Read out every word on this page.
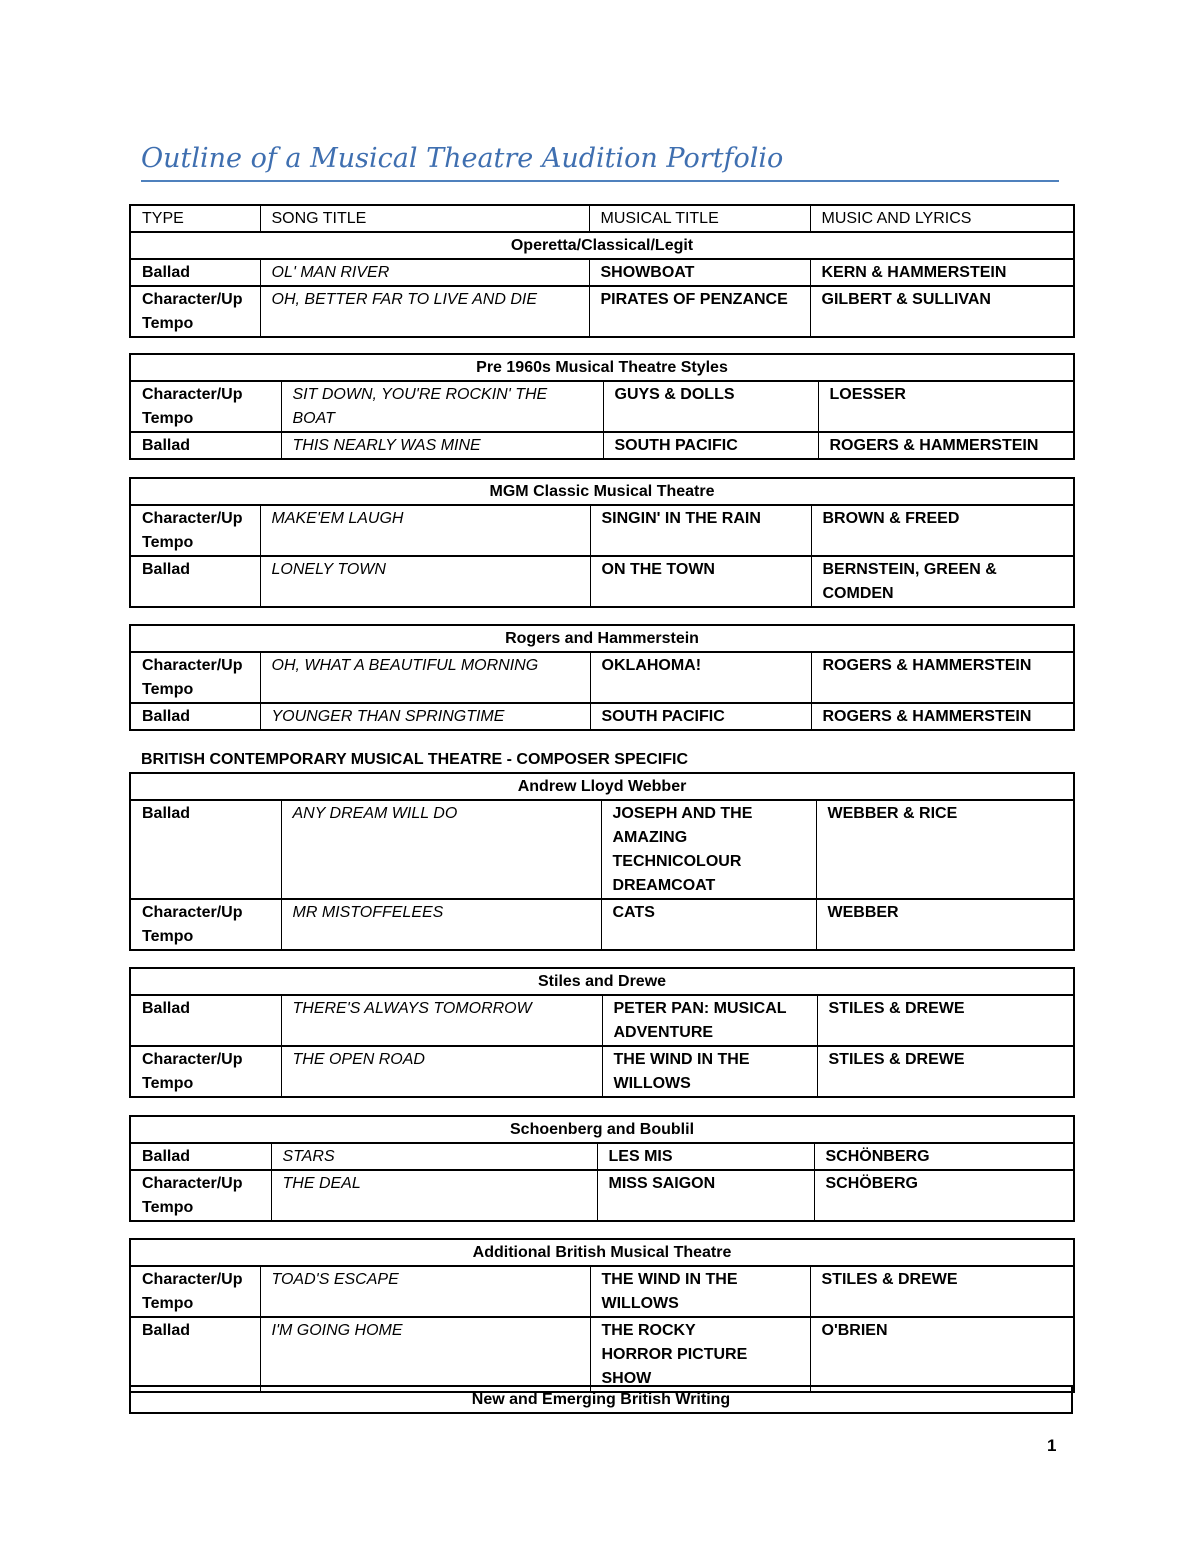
Outline of a Musical Theatre Audition Portfolio
TYPE	SONG TITLE	MUSICAL TITLE	MUSIC AND LYRICS
Operetta/Classical/Legit			
Ballad	OL' MAN RIVER	SHOWBOAT	KERN & HAMMERSTEIN
Character/Up Tempo	OH, BETTER FAR TO LIVE AND DIE	PIRATES OF PENZANCE	GILBERT & SULLIVAN
Pre 1960s Musical Theatre Styles			
Character/Up Tempo	SIT DOWN, YOU'RE ROCKIN' THE BOAT	GUYS & DOLLS	LOESSER
Ballad	THIS NEARLY WAS MINE	SOUTH PACIFIC	ROGERS & HAMMERSTEIN
MGM Classic Musical Theatre			
Character/Up Tempo	MAKE'EM LAUGH	SINGIN' IN THE RAIN	BROWN & FREED
Ballad	LONELY TOWN	ON THE TOWN	BERNSTEIN, GREEN & COMDEN
Rogers and Hammerstein			
Character/Up Tempo	OH, WHAT A BEAUTIFUL MORNING	OKLAHOMA!	ROGERS & HAMMERSTEIN
Ballad	YOUNGER THAN SPRINGTIME	SOUTH PACIFIC	ROGERS & HAMMERSTEIN
BRITISH CONTEMPORARY MUSICAL THEATRE - COMPOSER SPECIFIC
Andrew Lloyd Webber			
Ballad	ANY DREAM WILL DO	JOSEPH AND THE AMAZING TECHNICOLOUR DREAMCOAT	WEBBER & RICE
Character/Up Tempo	MR MISTOFFELEES	CATS	WEBBER
Stiles and Drewe			
Ballad	THERE'S ALWAYS TOMORROW	PETER PAN: MUSICAL ADVENTURE	STILES & DREWE
Character/Up Tempo	THE OPEN ROAD	THE WIND IN THE WILLOWS	STILES & DREWE
Schoenberg and Boublil			
Ballad	STARS	LES MIS	SCHÖNBERG
Character/Up Tempo	THE DEAL	MISS SAIGON	SCHÖBERG
Additional British Musical Theatre			
Character/Up Tempo	TOAD'S ESCAPE	THE WIND IN THE WILLOWS	STILES & DREWE
Ballad	I'M GOING HOME	THE ROCKY HORROR PICTURE SHOW	O'BRIEN
New and Emerging British Writing
1
